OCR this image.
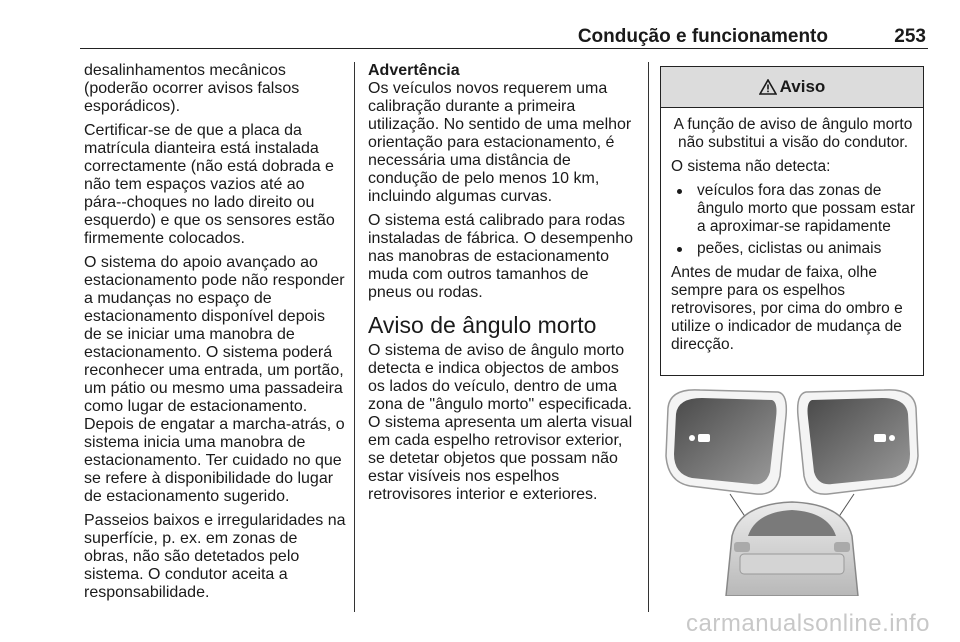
Condução e funcionamento	253

desalinhamentos mecânicos (poderão ocorrer avisos falsos esporádicos).

Certificar-se de que a placa da matrícula dianteira está instalada correctamente (não está dobrada e não tem espaços vazios até ao pára--choques no lado direito ou esquerdo) e que os sensores estão firmemente colocados.

O sistema do apoio avançado ao estacionamento pode não responder a mudanças no espaço de estacionamento disponível depois de se iniciar uma manobra de estacionamento. O sistema poderá reconhecer uma entrada, um portão, um pátio ou mesmo uma passadeira como lugar de estacionamento. Depois de engatar a marcha-atrás, o sistema inicia uma manobra de estacionamento. Ter cuidado no que se refere à disponibilidade do lugar de estacionamento sugerido.

Passeios baixos e irregularidades na superfície, p. ex. em zonas de obras, não são detetados pelo sistema. O condutor aceita a responsabilidade.

Advertência

Os veículos novos requerem uma calibração durante a primeira utilização. No sentido de uma melhor orientação para estacionamento, é necessária uma distância de condução de pelo menos 10 km, incluindo algumas curvas.

O sistema está calibrado para rodas instaladas de fábrica. O desempenho nas manobras de estacionamento muda com outros tamanhos de pneus ou rodas.

Aviso de ângulo morto

O sistema de aviso de ângulo morto detecta e indica objectos de ambos os lados do veículo, dentro de uma zona de "ângulo morto" especificada. O sistema apresenta um alerta visual em cada espelho retrovisor exterior, se detetar objetos que possam não estar visíveis nos espelhos retrovisores interior e exteriores.

Aviso

A função de aviso de ângulo morto não substitui a visão do condutor.

O sistema não detecta:

veículos fora das zonas de ângulo morto que possam estar a aproximar-se rapidamente
peões, ciclistas ou animais

Antes de mudar de faixa, olhe sempre para os espelhos retrovisores, por cima do ombro e utilize o indicador de mudança de direcção.

carmanualsonline.info
